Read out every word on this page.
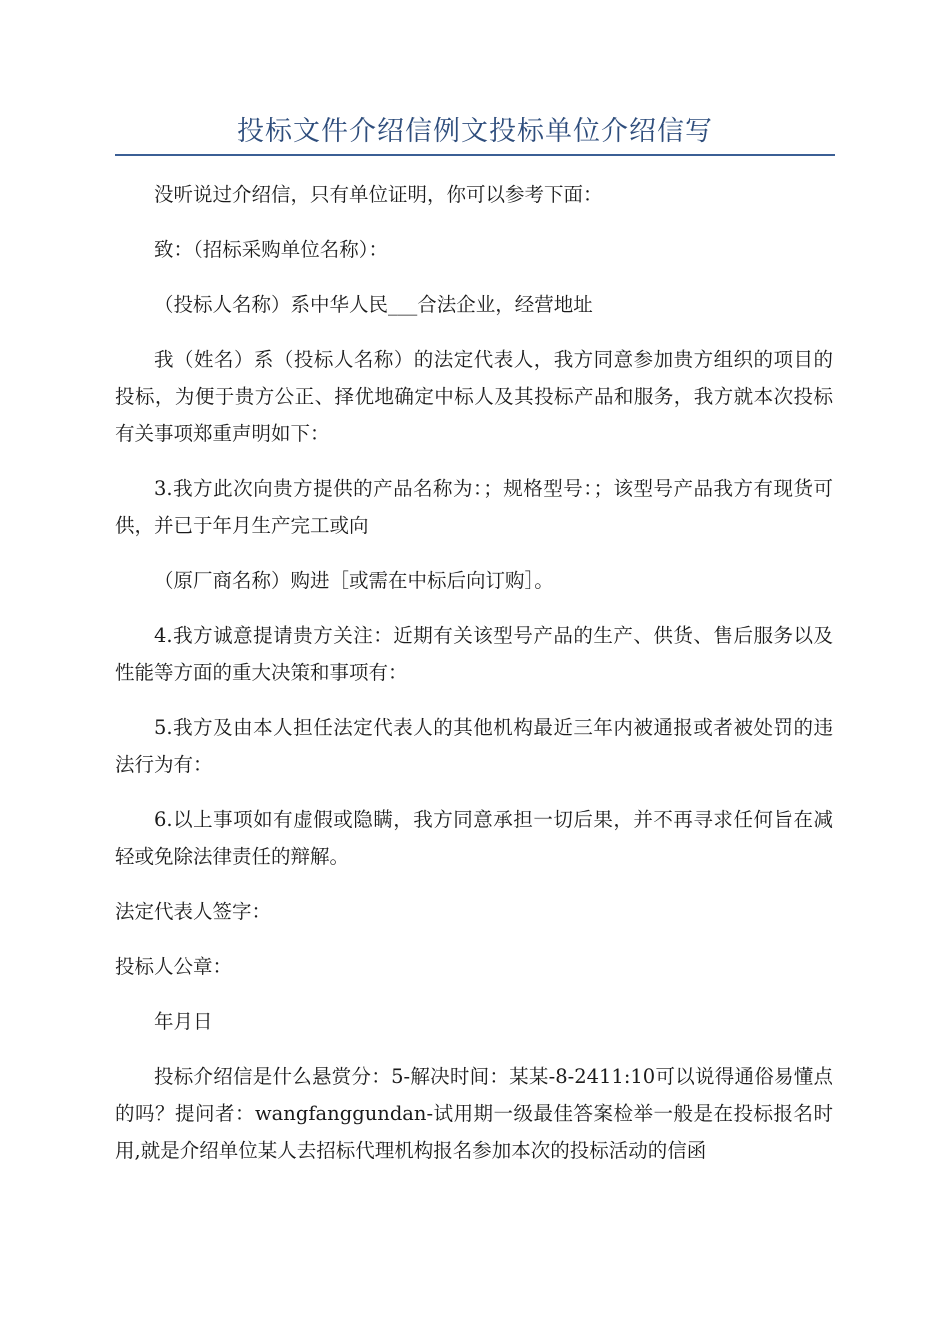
投标文件介绍信例文投标单位介绍信写

没听说过介绍信，只有单位证明，你可以参考下面：

致：（招标采购单位名称）：

（投标人名称）系中华人民___合法企业，经营地址

我（姓名）系（投标人名称）的法定代表人，我方同意参加贵方组织的项目的投标，为便于贵方公正、择优地确定中标人及其投标产品和服务，我方就本次投标有关事项郑重声明如下：

3.我方此次向贵方提供的产品名称为：；规格型号：；该型号产品我方有现货可供，并已于年月生产完工或向

（原厂商名称）购进［或需在中标后向订购］。

4.我方诚意提请贵方关注：近期有关该型号产品的生产、供货、售后服务以及性能等方面的重大决策和事项有：

5.我方及由本人担任法定代表人的其他机构最近三年内被通报或者被处罚的违法行为有：

6.以上事项如有虚假或隐瞒，我方同意承担一切后果，并不再寻求任何旨在减轻或免除法律责任的辩解。

法定代表人签字：

投标人公章：

年月日

投标介绍信是什么悬赏分：5-解决时间：某某-8-2411:10可以说得通俗易懂点的吗？提问者：wangfanggundan-试用期一级最佳答案检举一般是在投标报名时用,就是介绍单位某人去招标代理机构报名参加本次的投标活动的信函
